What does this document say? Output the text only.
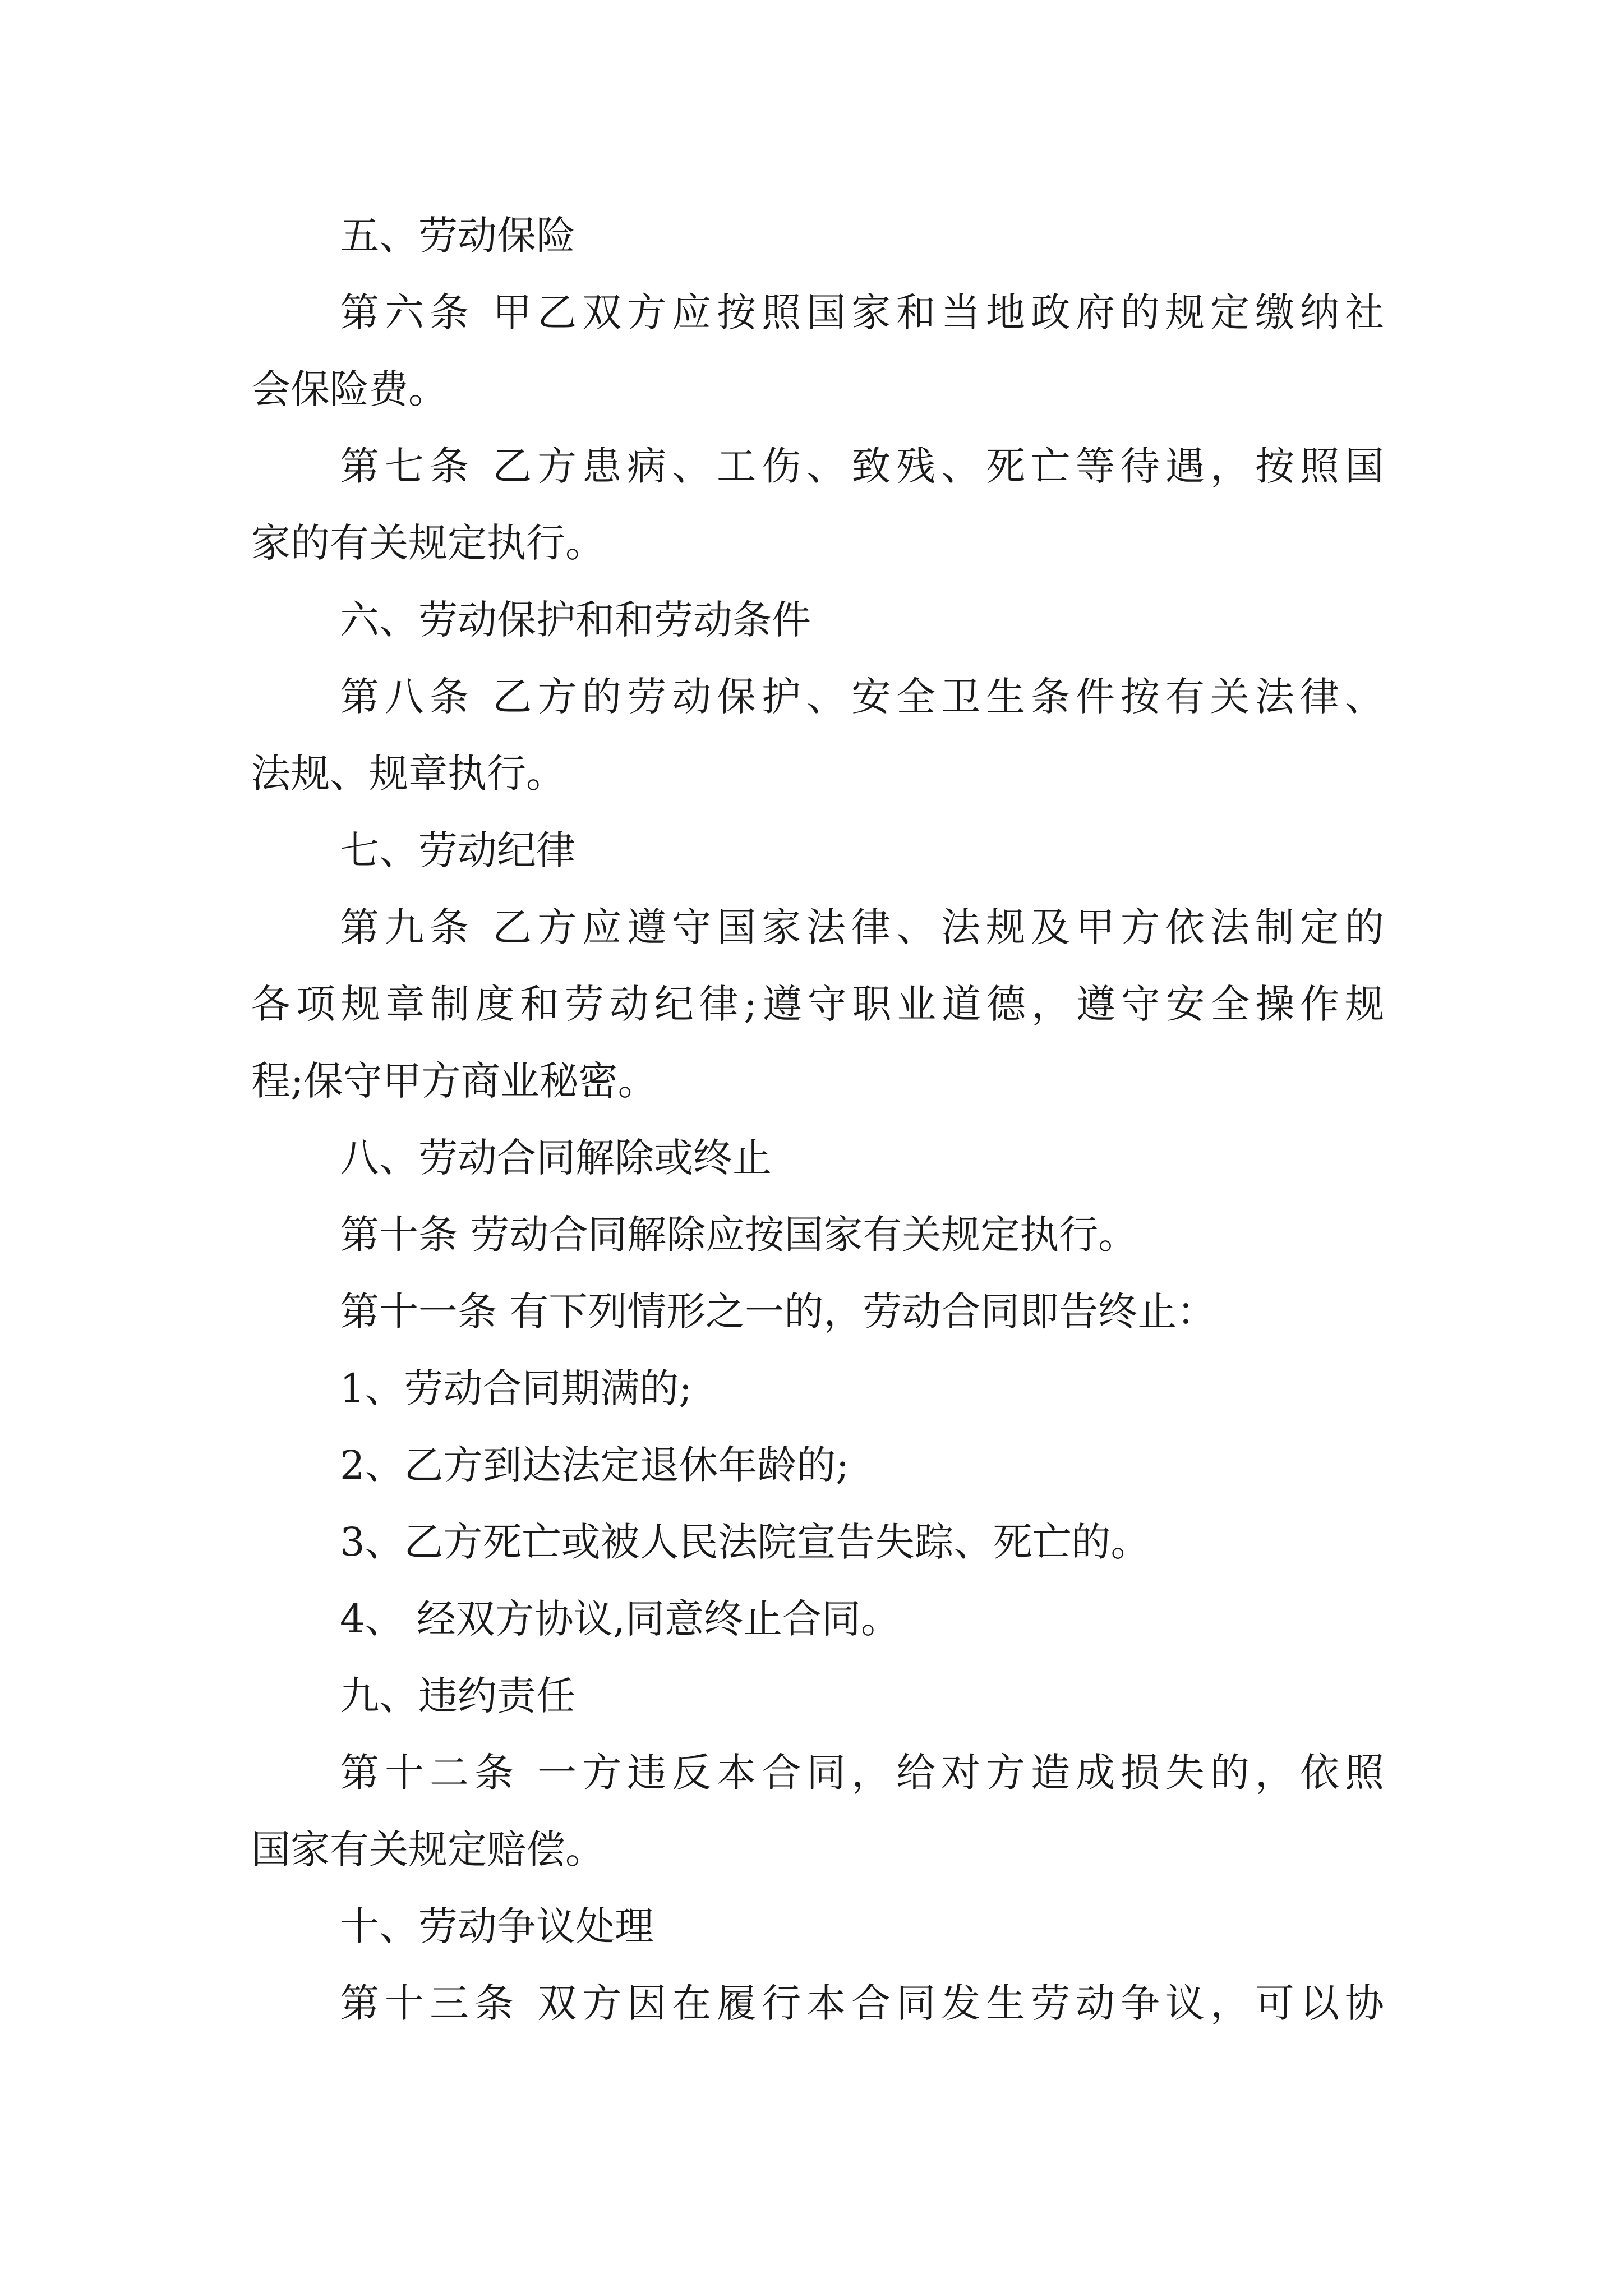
五、劳动保险
第六条 甲乙双方应按照国家和当地政府的规定缴纳社
会保险费。
第七条 乙方患病、工伤、致残、死亡等待遇，按照国
家的有关规定执行。
六、劳动保护和和劳动条件
第八条 乙方的劳动保护、安全卫生条件按有关法律、
法规、规章执行。
七、劳动纪律
第九条 乙方应遵守国家法律、法规及甲方依法制定的
各项规章制度和劳动纪律;遵守职业道德，遵守安全操作规
程;保守甲方商业秘密。
八、劳动合同解除或终止
第十条 劳动合同解除应按国家有关规定执行。
第十一条 有下列情形之一的，劳动合同即告终止：
1、劳动合同期满的;
2、乙方到达法定退休年龄的;
3、乙方死亡或被人民法院宣告失踪、死亡的。
4、 经双方协议,同意终止合同。
九、违约责任
第十二条 一方违反本合同，给对方造成损失的，依照
国家有关规定赔偿。
十、劳动争议处理
第十三条 双方因在履行本合同发生劳动争议，可以协
